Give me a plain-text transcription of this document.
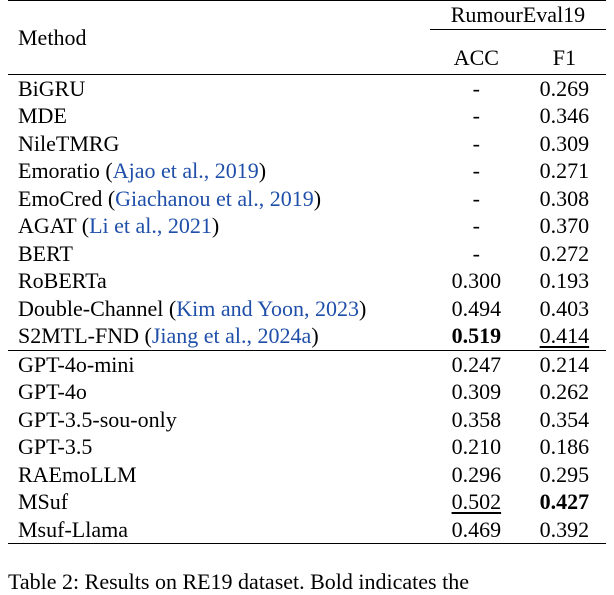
Method	RumourEval19	
	ACC	F1
BiGRU	-	0.269
MDE	-	0.346
NileTMRG	-	0.309
Emoratio (Ajao et al., 2019)	-	0.271
EmoCred (Giachanou et al., 2019)	-	0.308
AGAT (Li et al., 2021)	-	0.370
BERT	-	0.272
RoBERTa	0.300	0.193
Double-Channel (Kim and Yoon, 2023)	0.494	0.403
S2MTL-FND (Jiang et al., 2024a)	0.519	0.414
GPT-4o-mini	0.247	0.214
GPT-4o	0.309	0.262
GPT-3.5-sou-only	0.358	0.354
GPT-3.5	0.210	0.186
RAEmoLLM	0.296	0.295
MSuf	0.502	0.427
Msuf-Llama	0.469	0.392
Table 2: Results on RE19 dataset. Bold indicates the
